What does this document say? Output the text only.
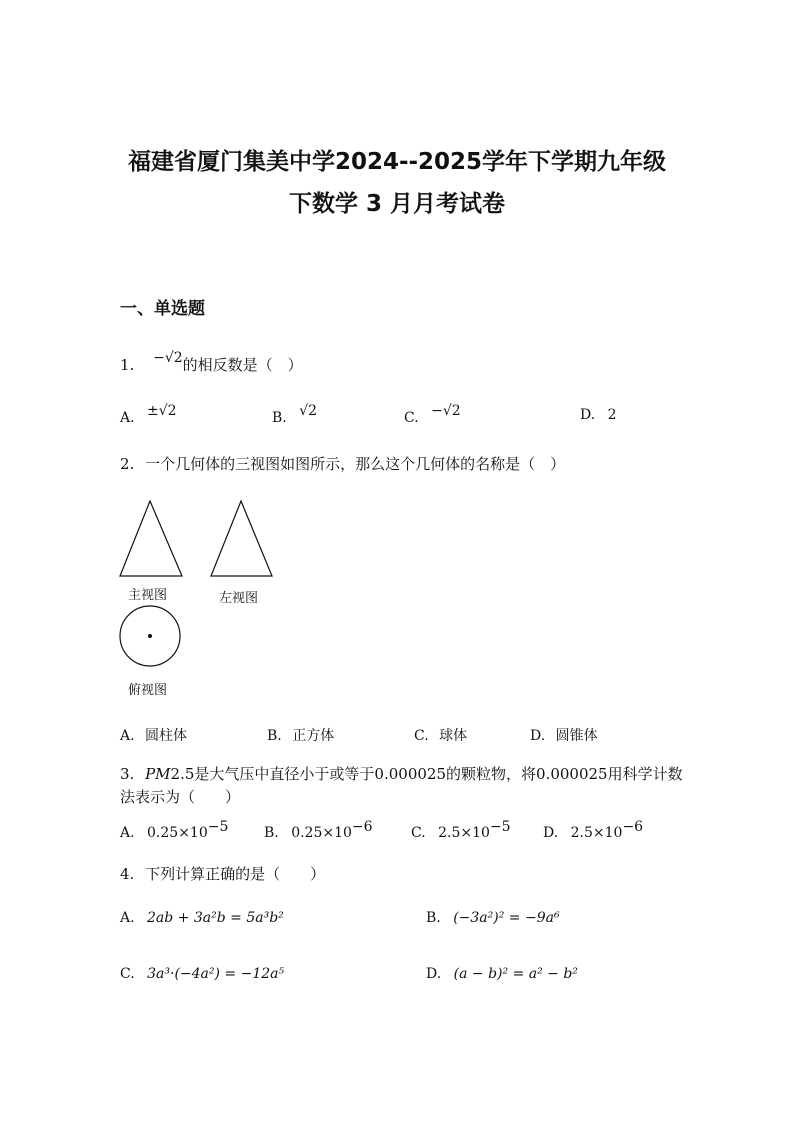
福建省厦门集美中学2024--2025学年下学期九年级
下数学 3 月月考试卷
一、单选题
1. −√2的相反数是（　）
A. ±√2	B. √2	C. −√2	D. 2
2. 一个几何体的三视图如图所示，那么这个几何体的名称是（　）
主视图	左视图
俯视图
A. 圆柱体	B. 正方体	C. 球体	D. 圆锥体
3. PM2.5是大气压中直径小于或等于0.000025的颗粒物，将0.000025用科学计数
法表示为（　　）
A. $0.25\times 10^{-5}$	B. $0.25\times 10^{-6}$	C. $2.5\times 10^{-5}$ D. $2.5\times 10^{-6}$
4. 下列计算正确的是（　　）
A. 2ab + 3a²b = 5a³b²	B. (−3a²)² = −9a⁶
C. 3a³·(−4a²) = −12a⁵	D. (a − b)² = a² − b²
